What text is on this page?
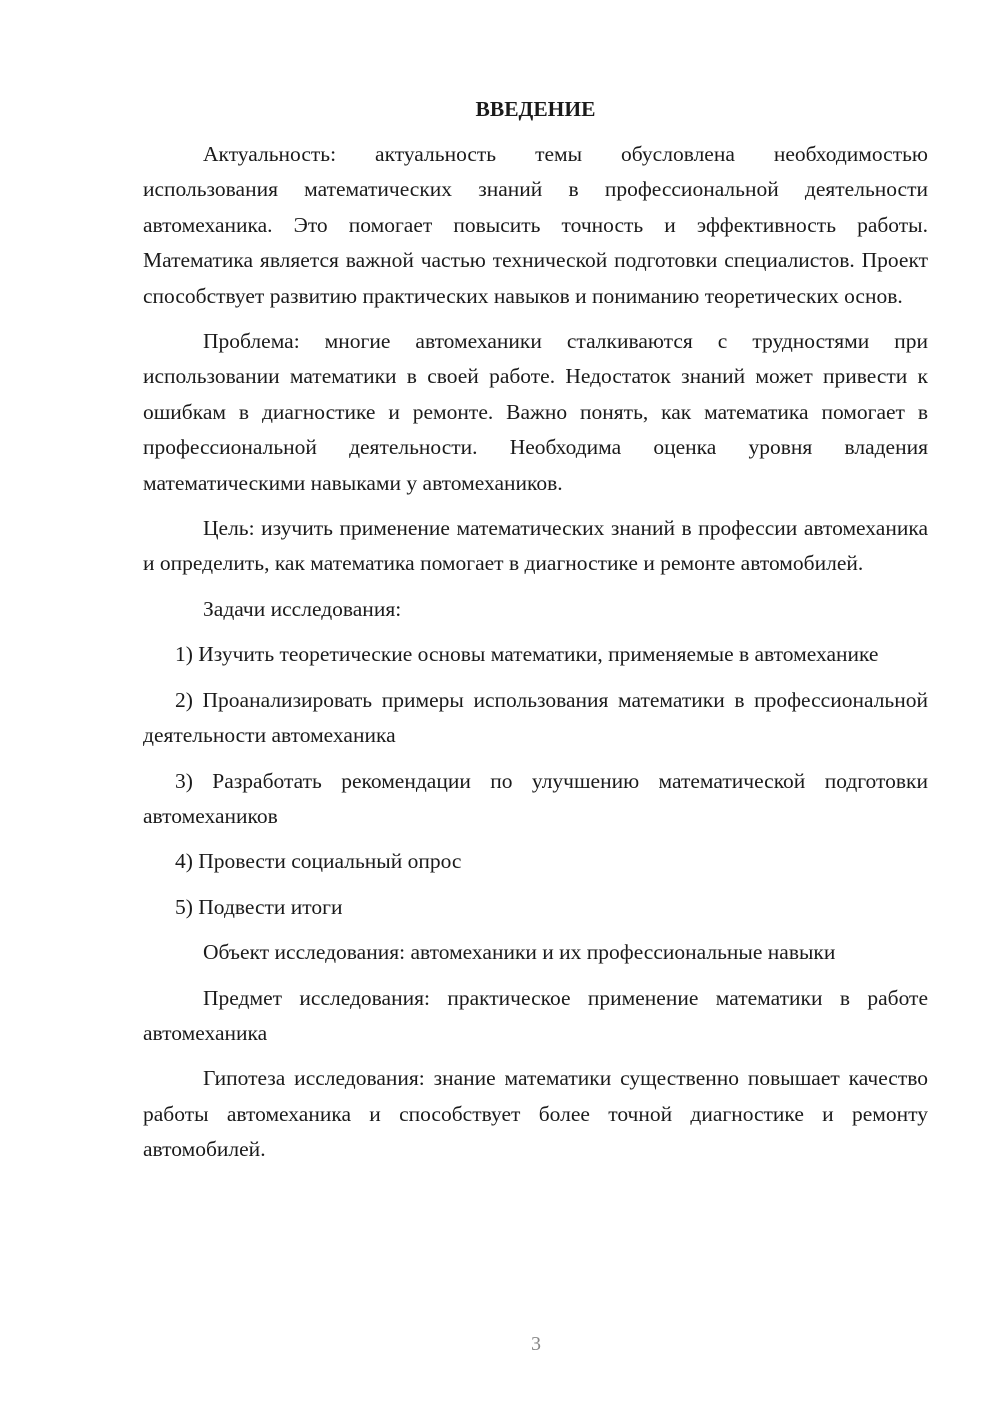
ВВЕДЕНИЕ

Актуальность: актуальность темы обусловлена необходимостью использования математических знаний в профессиональной деятельности автомеханика. Это помогает повысить точность и эффективность работы. Математика является важной частью технической подготовки специалистов. Проект способствует развитию практических навыков и пониманию теоретических основ.

Проблема: многие автомеханики сталкиваются с трудностями при использовании математики в своей работе. Недостаток знаний может привести к ошибкам в диагностике и ремонте. Важно понять, как математика помогает в профессиональной деятельности. Необходима оценка уровня владения математическими навыками у автомехаников.

Цель: изучить применение математических знаний в профессии автомеханика и определить, как математика помогает в диагностике и ремонте автомобилей.

Задачи исследования:

1) Изучить теоретические основы математики, применяемые в автомеханике

2) Проанализировать примеры использования математики в профессиональной деятельности автомеханика

3) Разработать рекомендации по улучшению математической подготовки автомехаников

4) Провести социальный опрос

5) Подвести итоги

Объект исследования: автомеханики и их профессиональные навыки

Предмет исследования: практическое применение математики в работе автомеханика

Гипотеза исследования: знание математики существенно повышает качество работы автомеханика и способствует более точной диагностике и ремонту автомобилей.

3
